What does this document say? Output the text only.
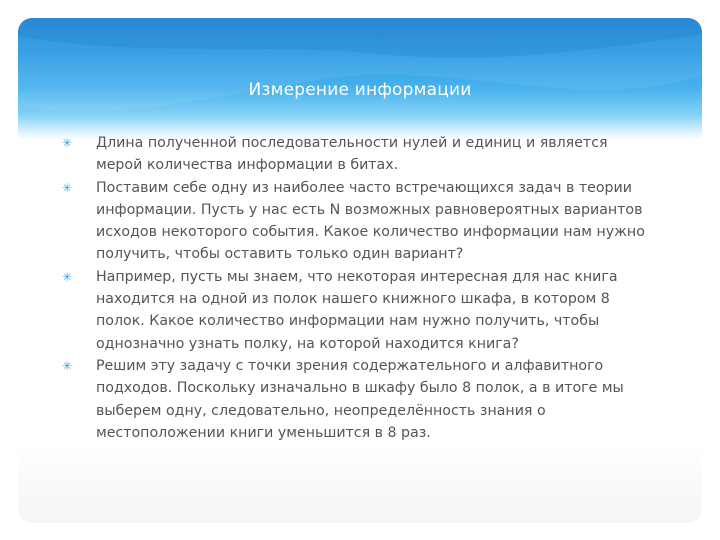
Измерение информации
✳ Длина полученной последовательности нулей и единиц и является мерой количества информации в битах.
✳ Поставим себе одну из наиболее часто встречающихся задач в теории информации. Пусть у нас есть N возможных равновероятных вариантов исходов некоторого события. Какое количество информации нам нужно получить, чтобы оставить только один вариант?
✳ Например, пусть мы знаем, что некоторая интересная для нас книга находится на одной из полок нашего книжного шкафа, в котором 8 полок. Какое количество информации нам нужно получить, чтобы однозначно узнать полку, на которой находится книга?
✳ Решим эту задачу с точки зрения содержательного и алфавитного подходов. Поскольку изначально в шкафу было 8 полок, а в итоге мы выберем одну, следовательно, неопределённость знания о местоположении книги уменьшится в 8 раз.
